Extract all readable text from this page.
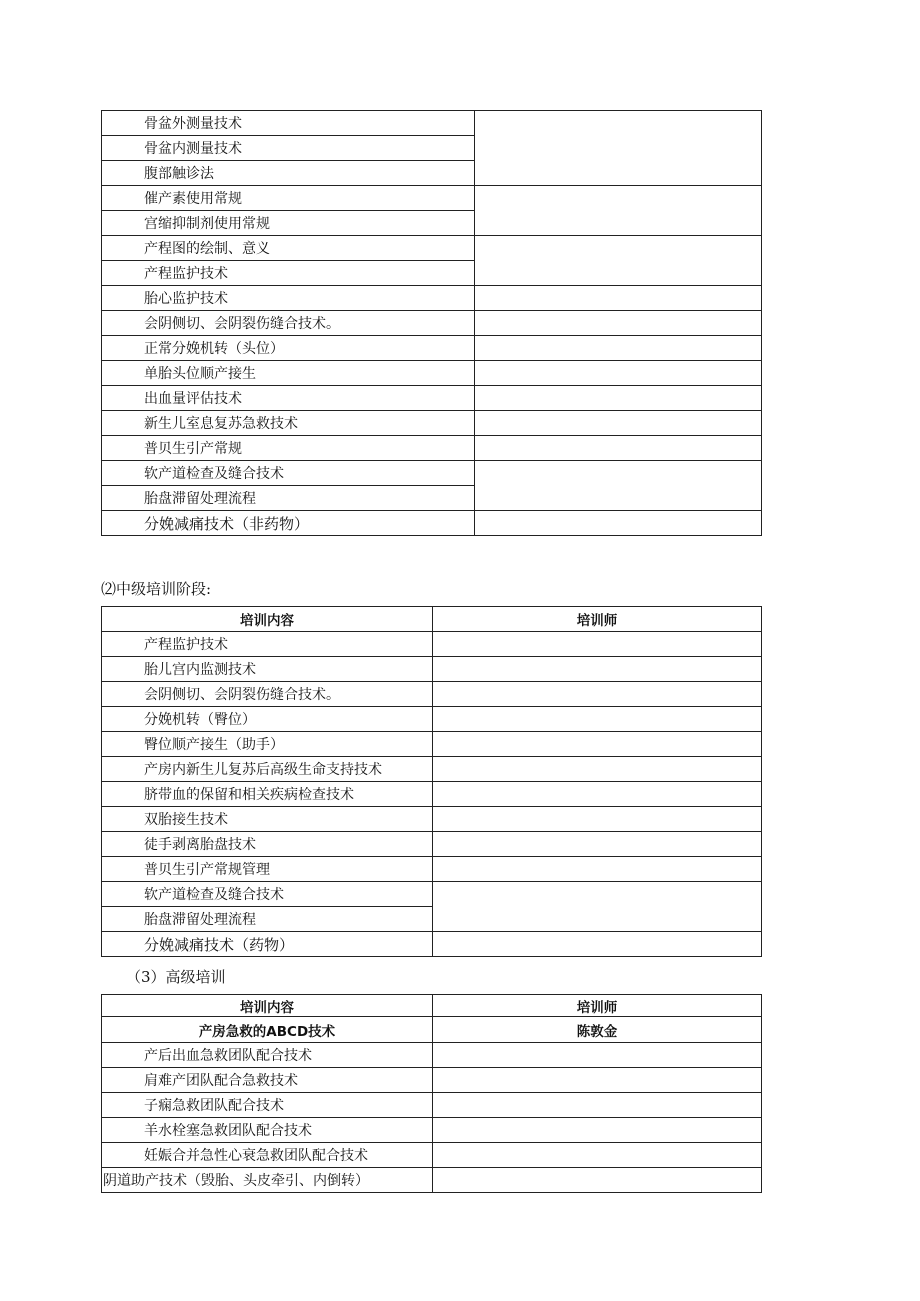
骨盆外测量技术	
骨盆内测量技术	
腹部触诊法	
催产素使用常规	
宫缩抑制剂使用常规	
产程图的绘制、意义	
产程监护技术	
胎心监护技术	
会阴侧切、会阴裂伤缝合技术。	
正常分娩机转（头位）	
单胎头位顺产接生	
出血量评估技术	
新生儿室息复苏急救技术	
普贝生引产常规	
软产道检查及缝合技术	
胎盘滞留处理流程	
分娩减痛技术（非药物）	
⑵中级培训阶段:
培训内容	培训师
产程监护技术	
胎儿宫内监测技术	
会阴侧切、会阴裂伤缝合技术。	
分娩机转（臀位）	
臀位顺产接生（助手）	
产房内新生儿复苏后高级生命支持技术	
脐带血的保留和相关疾病检查技术	
双胎接生技术	
徒手剥离胎盘技术	
普贝生引产常规管理	
软产道检查及缝合技术	
胎盘滞留处理流程	
分娩减痛技术（药物）	
（3）高级培训
培训内容	培训师
产房急救的ABCD技术	陈敦金
产后出血急救团队配合技术	
肩难产团队配合急救技术	
子痫急救团队配合技术	
羊水栓塞急救团队配合技术	
妊娠合并急性心衰急救团队配合技术	
阴道助产技术（毁胎、头皮牵引、内倒转）	
